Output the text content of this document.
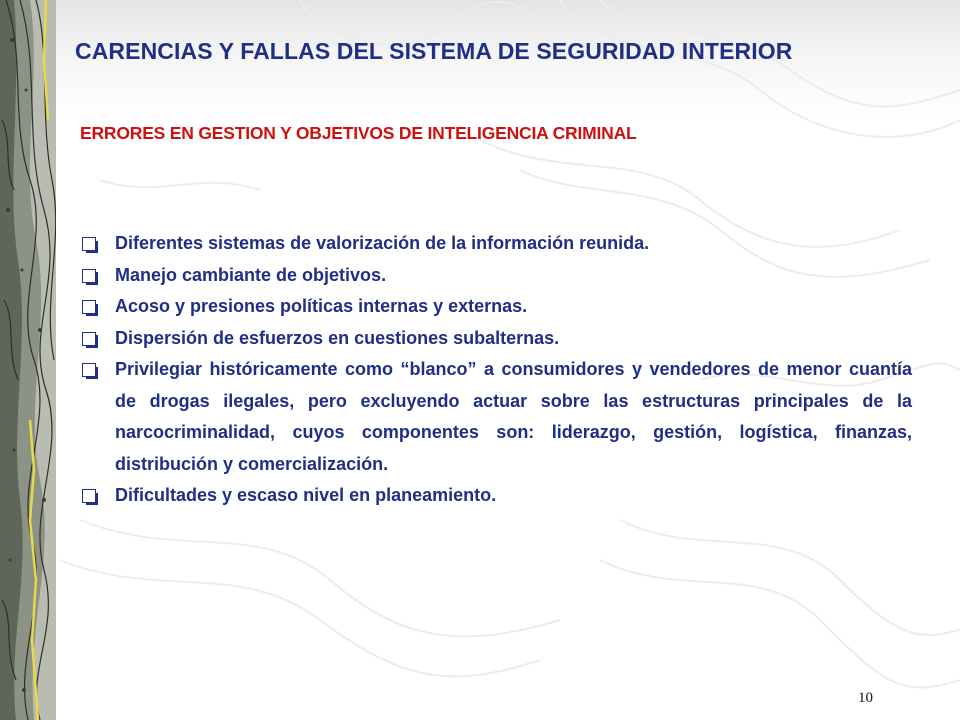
CARENCIAS Y FALLAS DEL SISTEMA DE SEGURIDAD INTERIOR
ERRORES EN GESTION Y OBJETIVOS DE INTELIGENCIA CRIMINAL
Diferentes sistemas de valorización de la información reunida.
Manejo cambiante de objetivos.
Acoso y presiones políticas internas y externas.
Dispersión de esfuerzos en cuestiones subalternas.
Privilegiar históricamente como “blanco” a consumidores y vendedores de menor cuantía de drogas ilegales, pero excluyendo actuar sobre las estructuras principales de la narcocriminalidad, cuyos componentes son: liderazgo, gestión, logística, finanzas, distribución y comercialización.
Dificultades y escaso nivel en planeamiento.
10
